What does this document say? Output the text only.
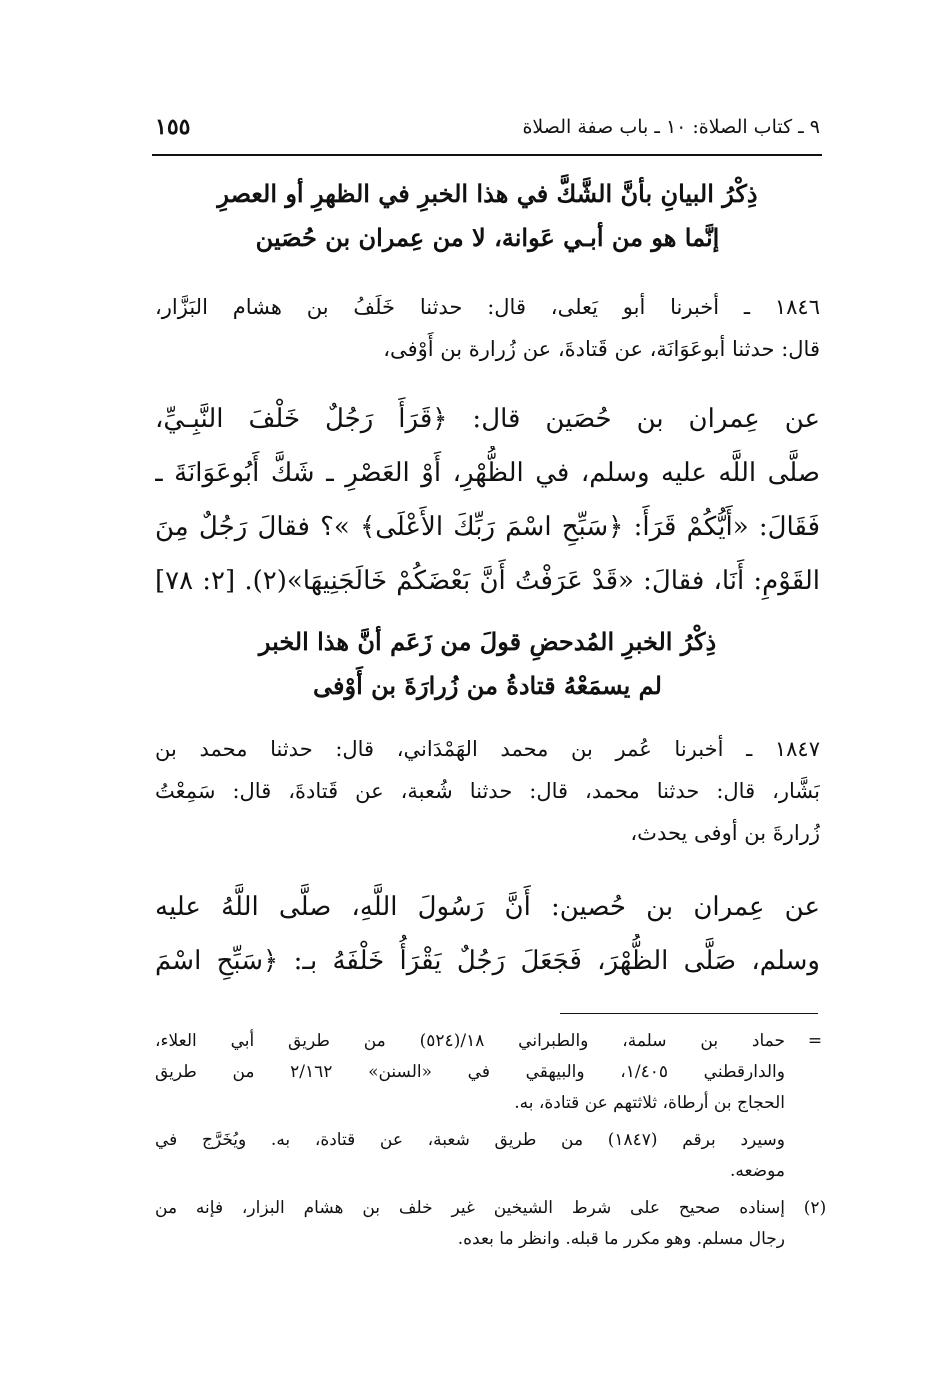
٩ ـ كتاب الصلاة: ١٠ ـ باب صفة الصلاة
١٥٥
ذِكْرُ البيانِ بأنَّ الشَّكَّ في هذا الخبرِ في الظهرِ أو العصرِ
إنَّما هو من أبـي عَوانة، لا من عِمران بن حُصَين
١٨٤٦ ـ أخبرنا أبو يَعلى، قال: حدثنا خَلَفُ بن هشام البَزَّار،
قال: حدثنا أبوعَوَانَة، عن قَتادةَ، عن زُرارة بن أَوْفى،
عن عِمران بن حُصَين قال: ﴿قَرَأَ رَجُلٌ خَلْفَ النَّبِـيِّ،
صلَّى اللَّه عليه وسلم، في الظُّهْرِ، أَوْ العَصْرِ ـ شَكَّ أَبُوعَوَانَةَ ـ
فَقَالَ: «أَيُّكُمْ قَرَأَ: ﴿سَبِّحِ اسْمَ رَبِّكَ الأَعْلَى﴾ »؟ فقالَ رَجُلٌ مِنَ
القَوْمِ: أَنَا، فقالَ: «قَدْ عَرَفْتُ أَنَّ بَعْضَكُمْ خَالَجَنِيهَا»(٢). [٢: ٧٨]
ذِكْرُ الخبرِ المُدحضِ قولَ من زَعَم أنَّ هذا الخبر
لم يسمَعْهُ قتادةُ من زُرارَةَ بن أَوْفى
١٨٤٧ ـ أخبرنا عُمر بن محمد الهَمْدَاني، قال: حدثنا محمد بن
بَشَّار، قال: حدثنا محمد، قال: حدثنا شُعبة، عن قَتادةَ، قال: سَمِعْتُ
زُرارةَ بن أوفى يحدث،
عن عِمران بن حُصين: أَنَّ رَسُولَ اللَّهِ، صلَّى اللَّهُ عليه
وسلم، صَلَّى الظُّهْرَ، فَجَعَلَ رَجُلٌ يَقْرَأُ خَلْفَهُ بـ: ﴿سَبِّحِ اسْمَ
=
حماد بن سلمة، والطبراني ١٨/(٥٢٤) من طريق أبي العلاء،
والدارقطني ١/٤٠٥، والبيهقي في «السنن» ٢/١٦٢ من طريق
الحجاج بن أرطاة، ثلاثتهم عن قتادة، به.
وسيرد برقم (١٨٤٧) من طريق شعبة، عن قتادة، به. ويُخَرَّج في
موضعه.
(٢)
إسناده صحيح على شرط الشيخين غير خلف بن هشام البزار، فإنه من
رجال مسلم. وهو مكرر ما قبله. وانظر ما بعده.
